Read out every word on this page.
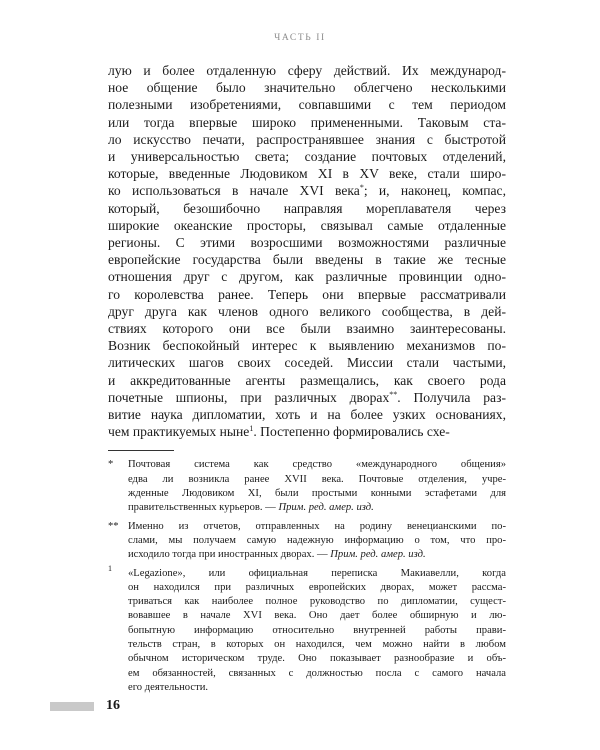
ЧАСТЬ II

лую и более отдаленную сферу действий. Их международ-

ное общение было значительно облегчено несколькими

полезными изобретениями, совпавшими с тем периодом

или тогда впервые широко примененными. Таковым ста-

ло искусство печати, распространявшее знания с быстротой

и универсальностью света; создание почтовых отделений,

которые, введенные Людовиком XI в XV веке, стали широ-

ко использоваться в начале XVI века*; и, наконец, компас,

который, безошибочно направляя мореплавателя через

широкие океанские просторы, связывал самые отдаленные

регионы. С этими возросшими возможностями различные

европейские государства были введены в такие же тесные

отношения друг с другом, как различные провинции одно-

го королевства ранее. Теперь они впервые рассматривали

друг друга как членов одного великого сообщества, в дей-

ствиях которого они все были взаимно заинтересованы.

Возник беспокойный интерес к выявлению механизмов по-

литических шагов своих соседей. Миссии стали частыми,

и аккредитованные агенты размещались, как своего рода

почетные шпионы, при различных дворах**. Получила раз-

витие наука дипломатии, хоть и на более узких основаниях,

чем практикуемых ныне$^1$. Постепенно формировались схе-

* Почтовая система как средство «международного общения»

едва ли возникла ранее XVII века. Почтовые отделения, учре-

жденные Людовиком XI, были простыми конными эстафетами для

правительственных курьеров. — Прим. ред. амер. изд.

** Именно из отчетов, отправленных на родину венецианскими по-

слами, мы получаем самую надежную информацию о том, что про-

исходило тогда при иностранных дворах. — Прим. ред. амер. изд.

$^1$ «Legazione», или официальная переписка Макиавелли, когда

он находился при различных европейских дворах, может рассма-

триваться как наиболее полное руководство по дипломатии, сущест-

вовавшее в начале XVI века. Оно дает более обширную и лю-

бопытную информацию относительно внутренней работы прави-

тельств стран, в которых он находился, чем можно найти в любом

обычном историческом труде. Оно показывает разнообразие и объ-

ем обязанностей, связанных с должностью посла с самого начала

его деятельности.

16
